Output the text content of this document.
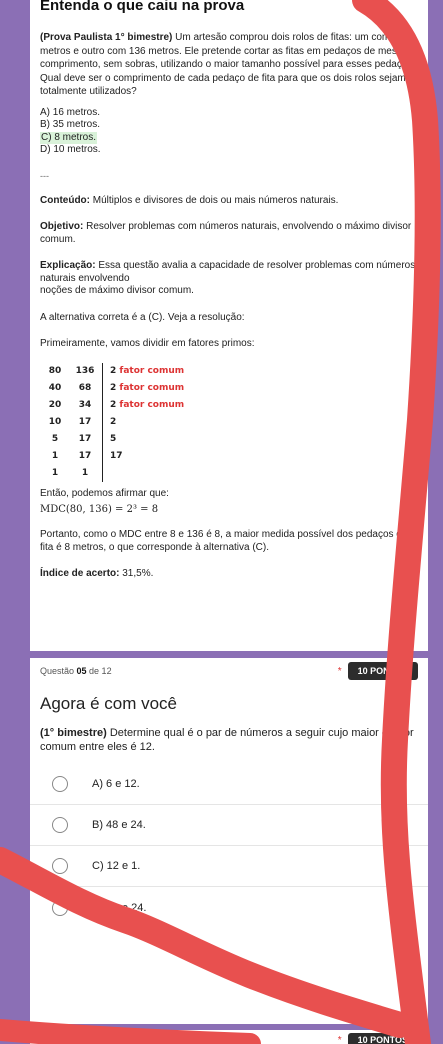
Entenda o que caiu na prova
(Prova Paulista 1° bimestre) Um artesão comprou dois rolos de fitas: um com 80 metros e outro com 136 metros. Ele pretende cortar as fitas em pedaços de mesmo comprimento, sem sobras, utilizando o maior tamanho possível para esses pedaços. Qual deve ser o comprimento de cada pedaço de fita para que os dois rolos sejam totalmente utilizados?
A) 16 metros.
B) 35 metros.
C) 8 metros.
D) 10 metros.
---
Conteúdo: Múltiplos e divisores de dois ou mais números naturais.
Objetivo: Resolver problemas com números naturais, envolvendo o máximo divisor comum.
Explicação: Essa questão avalia a capacidade de resolver problemas com números naturais envolvendo
noções de máximo divisor comum.
A alternativa correta é a (C). Veja a resolução:
Primeiramente, vamos dividir em fatores primos:
80	136	2 fator comum
40	68	2 fator comum
20	34	2 fator comum
10	17	2
5	17	5
1	17	17
1	1
Então, podemos afirmar que:
MDC(80, 136) = 2³ = 8
Portanto, como o MDC entre 8 e 136 é 8, a maior medida possível dos pedaços de fita é 8 metros, o que corresponde à alternativa (C).
Índice de acerto: 31,5%.
Questão 05 de 12	*	10 PONTOS
Agora é com você
(1° bimestre) Determine qual é o par de números a seguir cujo maior divisor comum entre eles é 12.
A) 6 e 12.
B) 48 e 24.
C) 12 e 1.
D) 36 e 24.
Questão 06 de 12	*	10 PONTOS
